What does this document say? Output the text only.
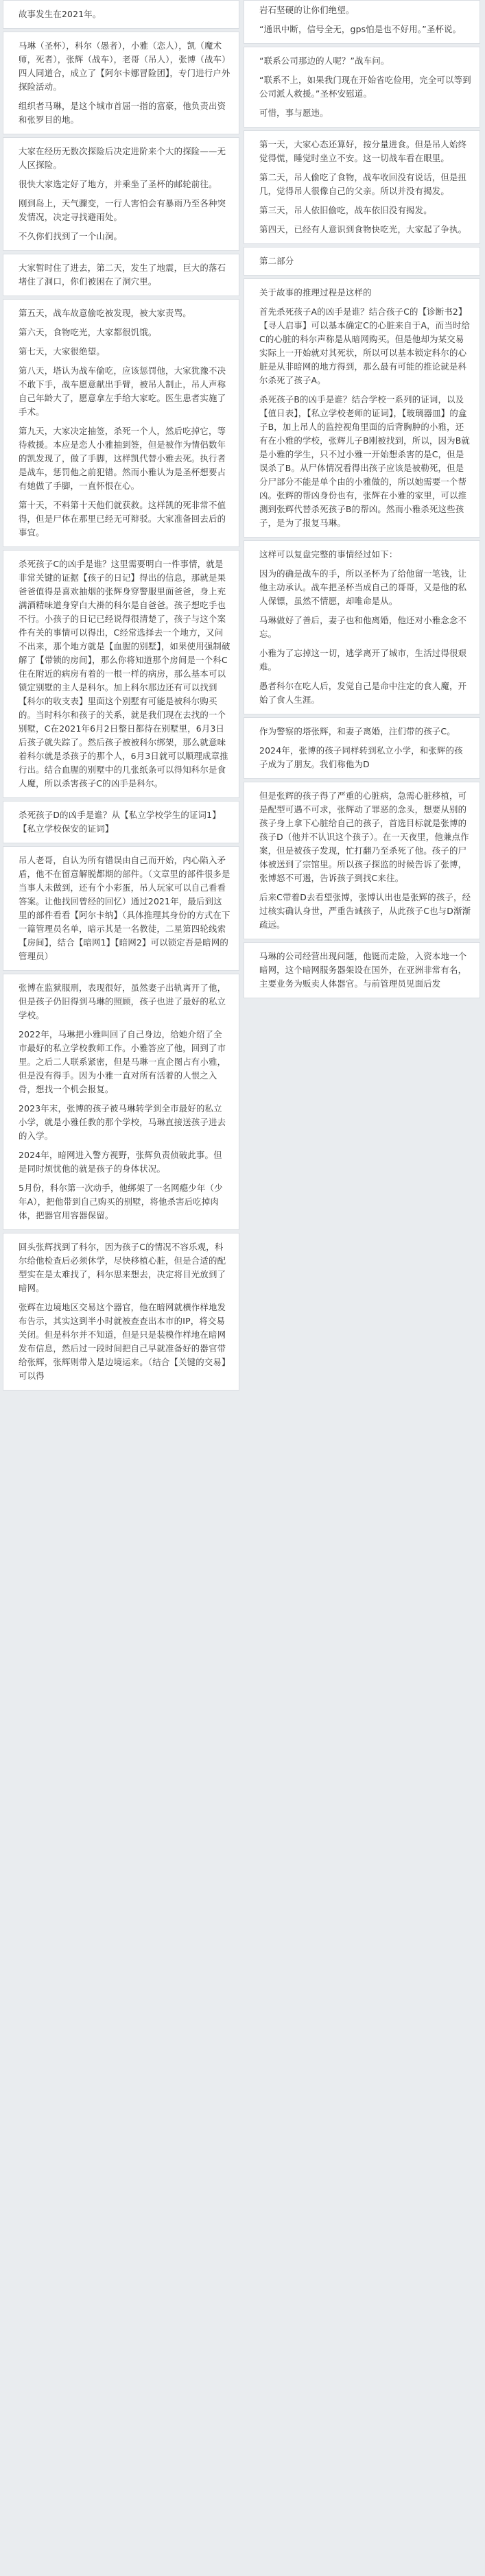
故事发生在2021年。

马琳（圣杯），科尔（愚者），小雅（恋人），凯（魔术师，死者），张辉（战车），老哥（吊人），张博（战车）四人同道合，成立了【阿尔卡娜冒险团】，专门进行户外探险活动。

组织者马琳，是这个城市首屈一指的富豪，他负责出资和张罗目的地。

大家在经历无数次探险后决定进阶来个大的探险——无人区探险。

很快大家选定好了地方，并乘坐了圣杯的邮轮前往。

刚到岛上，天气骤变，一行人害怕会有暴雨乃至各种突发情况，决定寻找避雨处。

不久你们找到了一个山洞。

大家暂时住了进去，第二天，发生了地震，巨大的落石堵住了洞口，你们被困在了洞穴里。

第五天，战车故意偷吃被发现，被大家责骂。

第六天，食物吃光，大家都很饥饿。

第七天，大家很绝望。

第八天，塔认为战车偷吃，应该惩罚他，大家犹豫不决不敢下手，战车愿意献出手臂，被吊人制止，吊人声称自己年龄大了，愿意拿左手给大家吃。医生患者实施了手术。

第九天，大家决定抽签，杀死一个人，然后吃掉它，等待救援。本应是恋人小雅抽到签，但是被作为情侣数年的凯发现了，做了手脚，这样凯代替小雅去死。执行者是战车，惩罚他之前犯错。然而小雅认为是圣杯想要占有她做了手脚，一直怀恨在心。

第十天，不料第十天他们就获救。这样凯的死非常不值得，但是尸体在那里已经无可辩驳。大家准备回去后的事宜。

杀死孩子C的凶手是谁？这里需要明白一件事情，就是非常关键的证据【孩子的日记】得出的信息，那就是果爸爸值得是喜欢抽烟的张辉身穿警服里面爸爸，身上充满酒精味道身穿白大褂的科尔是自爸爸。孩子想吃手也不行。小孩子的日记已经说得很清楚了，孩子与这个案件有关的事情可以得出，C经常选择去一个地方，又问不出来，那个地方就是【血腥的别墅】，如果使用强制破解了【带锁的房间】，那么你将知道那个房间是一个科C住在附近的病房有着的一根一样的病房，那么基本可以锁定别墅的主人是科尔。加上科尔那边还有可以找到【科尔的收支表】里面这个别墅有可能是被科尔购买的。当时科尔和孩子的关系，就是我们现在去找的一个别墅，C在2021年6月2日整日都待在别墅里，6月3日后孩子就失踪了。然后孩子被被科尔绑架，那么就意味着科尔就是杀孩子的那个人，6月3日就可以顺理成章推行出。结合血腥的别墅中的几张纸条可以得知科尔是食人魔，所以杀害孩子C的凶手是科尔。

杀死孩子D的凶手是谁？从【私立学校学生的证词1】【私立学校保安的证词】

吊人老哥，自认为所有错误由自己而开始，内心陷入矛盾，他不在留意解脱都期的部件。（文章里的部件很多是当事人未做到，还有个小彩蛋，吊人玩家可以自己看看答案。让他找回曾经的回忆）通过2021年，最后到这里的部件看看【阿尔卡纳】（具体推理其身份的方式在下一篇管理员名单，暗示其是一名教徒，二星第四轮线索【房间】，结合【暗网1】【暗网2】可以锁定吾是暗网的管理员）

张博在监狱服刑，表现很好，虽然妻子出轨离开了他，但是孩子仍旧得到马琳的照顾，孩子也进了最好的私立学校。

2022年，马琳把小雅叫回了自己身边，给她介绍了全市最好的私立学校教师工作。小雅答应了他，回到了市里。之后二人联系紧密，但是马琳一直企图占有小雅，但是没有得手。因为小雅一直对所有活着的人恨之入骨，想找一个机会报复。

2023年末，张博的孩子被马琳转学到全市最好的私立小学，就是小雅任教的那个学校，马琳直接送孩子进去的入学。

2024年，暗网进入警方视野，张辉负责侦破此事。但是同时烦忧他的就是孩子的身体状况。

5月份，科尔第一次动手，他绑架了一名网瘾少年（少年A），把他带到自己购买的别墅，将他杀害后吃掉肉体，把器官用容器保留。

回头张辉找到了科尔，因为孩子C的情况不容乐观，科尔给他检查后必须休学，尽快移植心脏，但是合适的配型实在是太难找了，科尔思来想去，决定将目光放到了暗网。

张辉在边境地区交易这个器官，他在暗网就横作样地发布告示，其实这到半小时就被查查出本市的IP，将交易关闭。但是科尔并不知道，但是只是装模作样地在暗网发布信息，然后过一段时间把自己早就准备好的器官带给张辉，张辉则带入是边境运来。（结合【关键的交易】可以得

岩石坚硬的让你们绝望。

“通讯中断，信号全无，gps怕是也不好用。”圣杯说。

“联系公司那边的人呢？”战车问。

“联系不上，如果我门现在开始省吃俭用，完全可以等到公司派人救援。”圣杯安慰道。

可惜，事与愿违。

第一天，大家心态还算好，按分量进食。但是吊人始终觉得慌，睡觉时坐立不安。这一切战车看在眼里。

第二天，吊人偷吃了食物，战车收回没有说话，但是扭几，觉得吊人很像自己的父亲。所以并没有揭发。

第三天，吊人依旧偷吃，战车依旧没有揭发。

第四天，已经有人意识到食物快吃光，大家起了争执。

第二部分

关于故事的推理过程是这样的

首先杀死孩子A的凶手是谁？结合孩子C的【诊断书2】【寻人启事】可以基本确定C的心脏来自于A，而当时给C的心脏的科尔声称是从暗网购买。但是他却为某交易实际上一开始就对其死状，所以可以基本锁定科尔的心脏是从非暗网的地方得到，那么最有可能的推论就是科尔杀死了孩子A。

杀死孩子B的凶手是谁？结合学校一系列的证词，以及【值日表】，【私立学校老师的证词】，【玻璃器皿】的盒子B，加上吊人的监控视角里面的后背胸肿的小雅，还有在小雅的学校，张辉儿子B刚被找到，所以，因为B就是小雅的学生，只不过小雅一开始想杀害的是C，但是误杀了B。从尸体情况看得出孩子应该是被勒死，但是分尸部分不能是单个由的小雅做的，所以她需要一个帮凶。张辉的帮凶身份也有，张辉在小雅的家里，可以推测到张辉代替杀死孩子B的帮凶。然而小雅杀死这些孩子，是为了报复马琳。

这样可以复盘完整的事情经过如下：

因为的确是战车的手，所以圣杯为了给他留一笔钱，让他主动承认。战车把圣杯当成自己的哥哥，又是他的私人保镖，虽然不情愿，却唯命是从。

马琳做好了善后，妻子也和他离婚，他还对小雅念念不忘。

小雅为了忘掉这一切，逃学离开了城市，生活过得很艰难。

愚者科尔在吃人后，发觉自己是命中注定的食人魔，开始了食人生涯。

作为警察的塔张辉，和妻子离婚，注们带的孩子C。

2024年，张博的孩子同样转到私立小学，和张辉的孩子成为了朋友。我们称他为D

但是张辉的孩子得了严重的心脏病，急需心脏移植，可是配型可遇不可求，张辉动了罪恶的念头，想要从别的孩子身上拿下心脏给自己的孩子，首选目标就是张博的孩子D（他并不认识这个孩子）。在一天夜里，他兼点作案，但是被孩子发现，忙打翻乃至杀死了他。孩子的尸体被送到了宗馆里。所以孩子探监的时候告诉了张博，张博怒不可遏，告诉孩子到找C来往。

后来C带着D去看望张博，张博认出也是张辉的孩子，经过核实确认身世，严重告诫孩子，从此孩子C也与D渐渐疏远。

马琳的公司经营出现问题，他铤而走险，入资本地一个暗网，这个暗网服务器架设在国外，在亚洲非常有名，主要业务为贩卖人体器官。与前管理员见面后发
